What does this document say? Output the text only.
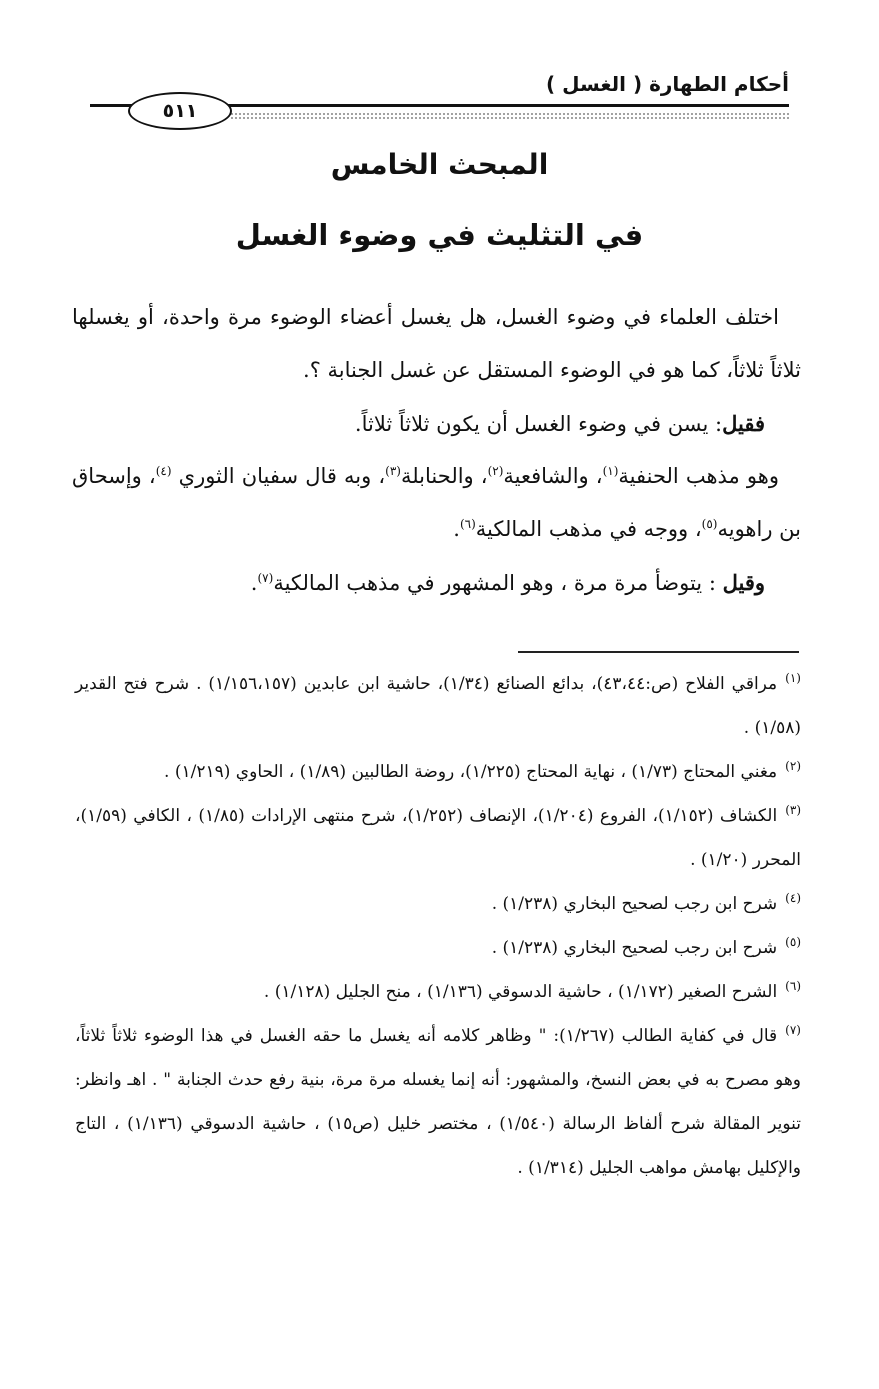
أحكام الطهارة ( الغسل )
٥١١
المبحث الخامس
في التثليث في وضوء الغسل
اختلف العلماء في وضوء الغسل، هل يغسل أعضاء الوضوء مرة واحدة، أو يغسلها ثلاثاً ثلاثاً، كما هو في الوضوء المستقل عن غسل الجنابة ؟.
فقيل: يسن في وضوء الغسل أن يكون ثلاثاً ثلاثاً.
وهو مذهب الحنفية$^{(١)}$، والشافعية$^{(٢)}$، والحنابلة$^{(٣)}$، وبه قال سفيان الثوري $^{(٤)}$، وإسحاق بن راهويه$^{(٥)}$، ووجه في مذهب المالكية$^{(٦)}$.
وقيل : يتوضأ مرة مرة ، وهو المشهور في مذهب المالكية$^{(٧)}$.

$^{(١)}$مراقي الفلاح (ص:٤٣،٤٤)، بدائع الصنائع (١/٣٤)، حاشية ابن عابدين (١/١٥٦،١٥٧) . شرح فتح القدير (١/٥٨) .

$^{(٢)}$مغني المحتاج (١/٧٣) ، نهاية المحتاج (١/٢٢٥)، روضة الطالبين (١/٨٩) ، الحاوي (١/٢١٩) .

$^{(٣)}$الكشاف (١/١٥٢)، الفروع (١/٢٠٤)، الإنصاف (١/٢٥٢)، شرح منتهى الإرادات (١/٨٥) ، الكافي (١/٥٩)، المحرر (١/٢٠) .

$^{(٤)}$شرح ابن رجب لصحيح البخاري (١/٢٣٨) .

$^{(٥)}$شرح ابن رجب لصحيح البخاري (١/٢٣٨) .

$^{(٦)}$الشرح الصغير (١/١٧٢) ، حاشية الدسوقي (١/١٣٦) ، منح الجليل (١/١٢٨) .

$^{(٧)}$قال في كفاية الطالب (١/٢٦٧): " وظاهر كلامه أنه يغسل ما حقه الغسل في هذا الوضوء ثلاثاً ثلاثاً، وهو مصرح به في بعض النسخ، والمشهور: أنه إنما يغسله مرة مرة، بنية رفع حدث الجنابة " . اهـ وانظر: تنوير المقالة شرح ألفاظ الرسالة (١/٥٤٠) ، مختصر خليل (ص١٥) ، حاشية الدسوقي (١/١٣٦) ، التاج والإكليل بهامش مواهب الجليل (١/٣١٤) .
